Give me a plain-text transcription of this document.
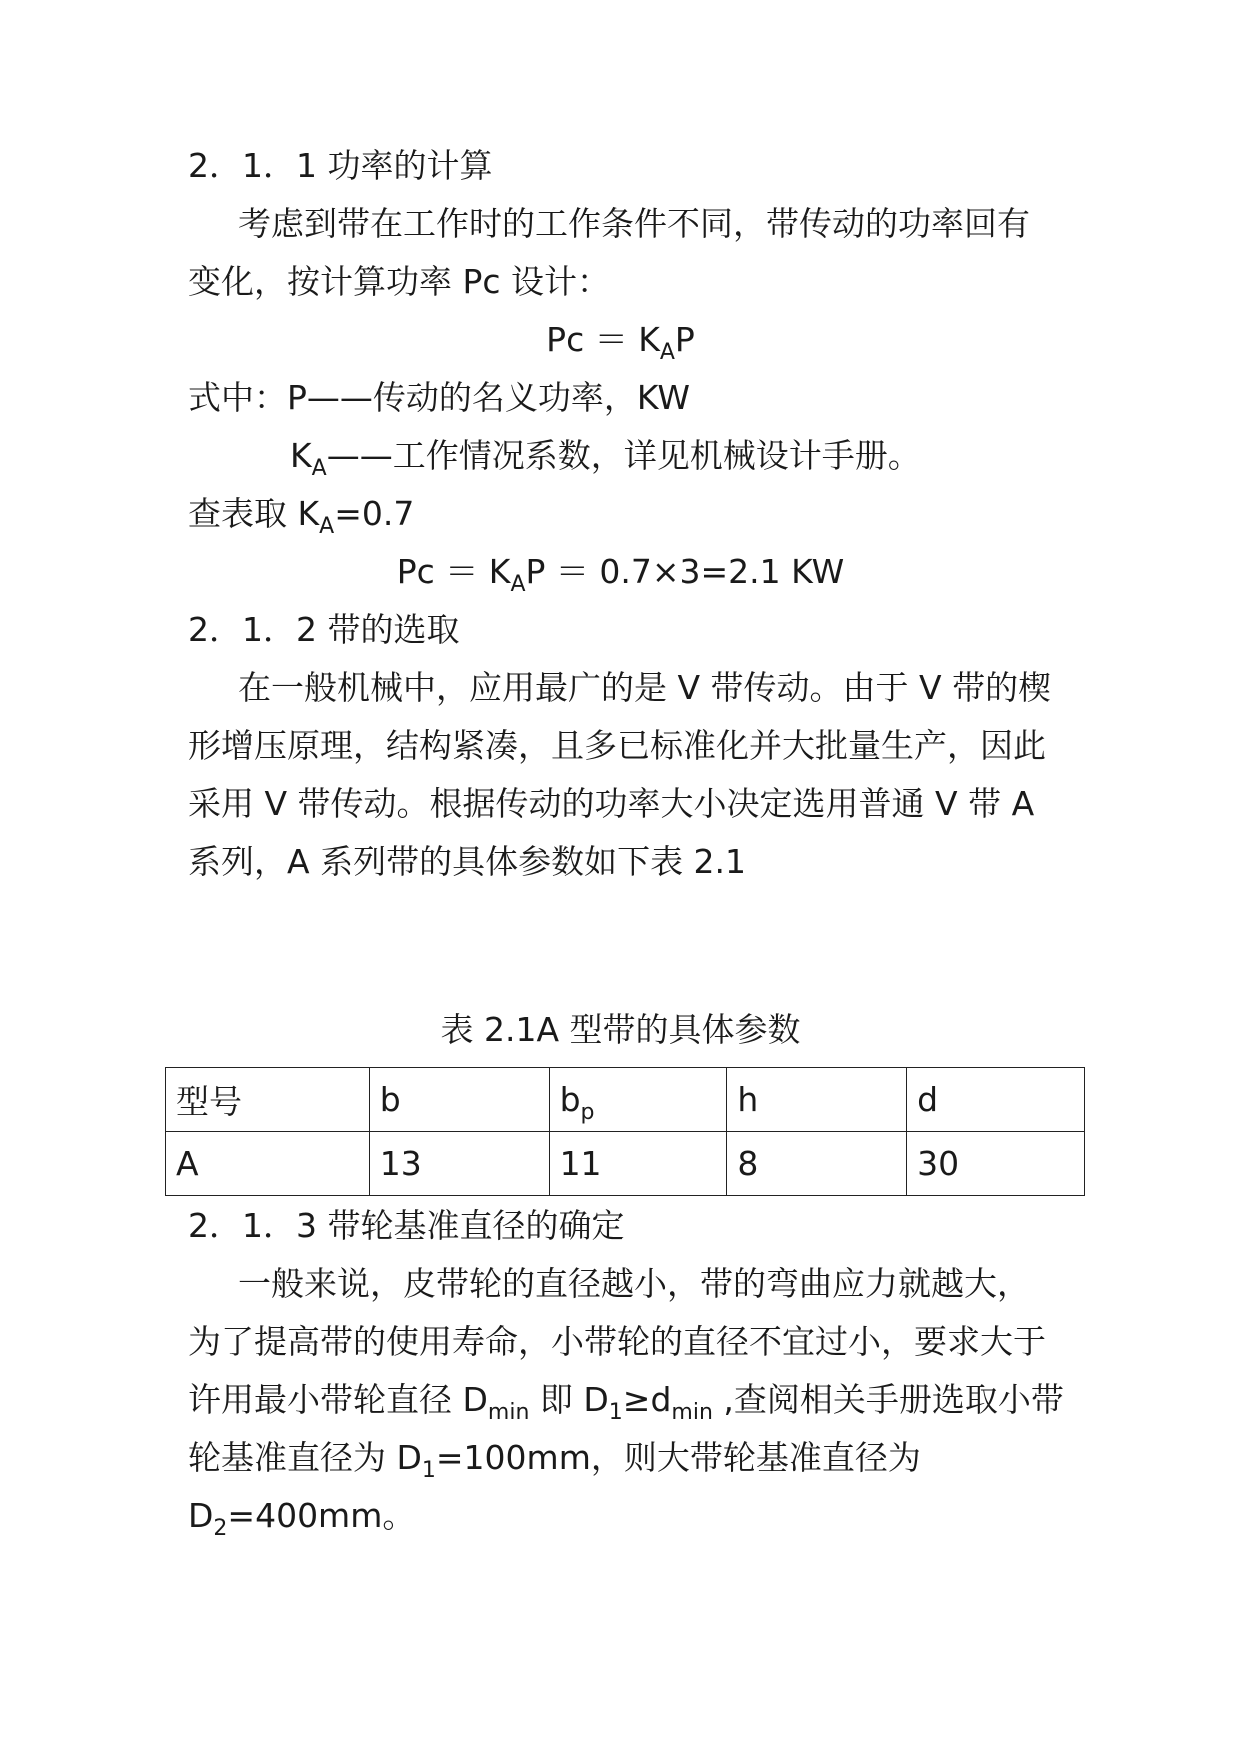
2．1．1 功率的计算
考虑到带在工作时的工作条件不同，带传动的功率回有
变化，按计算功率 Pc 设计：
$Pc = K_AP$
式中：P——传动的名义功率，KW
$K_A——$工作情况系数，详见机械设计手册。
查表取 $K_A=0.7$
$Pc = K_AP = 0.7\times 3=2.1$ KW
2．1．2 带的选取
在一般机械中，应用最广的是 V 带传动。由于 V 带的楔
形增压原理，结构紧凑，且多已标准化并大批量生产，因此
采用 V 带传动。根据传动的功率大小决定选用普通 V 带 A
系列，A 系列带的具体参数如下表 2.1
表 2.1A 型带的具体参数
型号	b	$b_p$	h	d
A	13	11	8	30
2．1．3 带轮基准直径的确定
一般来说，皮带轮的直径越小，带的弯曲应力就越大，
为了提高带的使用寿命，小带轮的直径不宜过小，要求大于
许用最小带轮直径 $D_{min}$ 即 $D_1\ge d_{min}$ ,查阅相关手册选取小带
轮基准直径为 $D_1=100mm$，则大带轮基准直径为
$D_2=400mm$。
